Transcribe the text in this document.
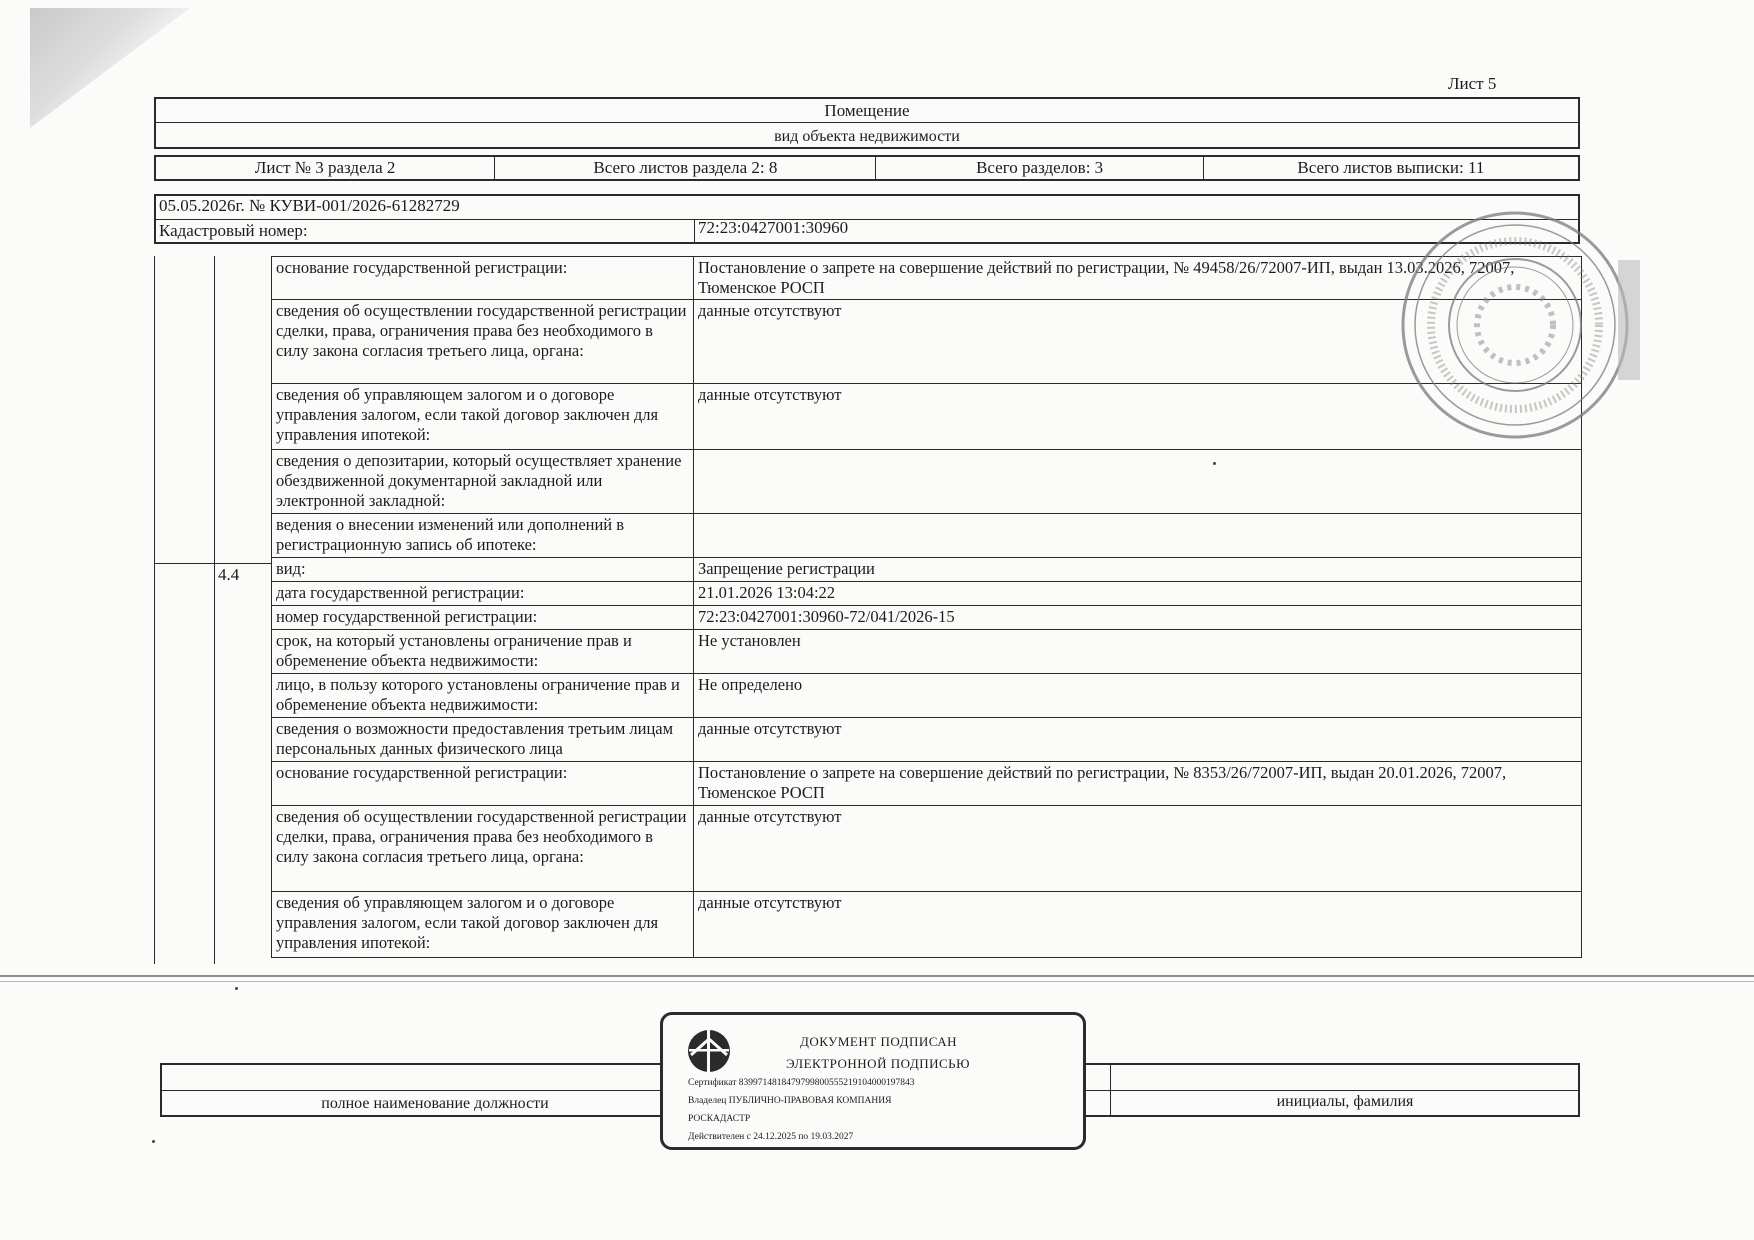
Лист 5
Помещение
вид объекта недвижимости
Лист № 3 раздела 2	Всего листов раздела 2: 8	Всего разделов: 3	Всего листов выписки: 11
05.05.2026г. № КУВИ-001/2026-61282729
Кадастровый номер:	72:23:0427001:30960
4.4
основание государственной регистрации:	Постановление о запрете на совершение действий по регистрации, № 49458/26/72007-ИП, выдан 13.03.2026, 72007, Тюменское РОСП
сведения об осуществлении государственной регистрации сделки, права, ограничения права без необходимого в силу закона согласия третьего лица, органа:	данные отсутствуют
сведения об управляющем залогом и о договоре управления залогом, если такой договор заключен для управления ипотекой:	данные отсутствуют
сведения о депозитарии, который осуществляет хранение обездвиженной документарной закладной или электронной закладной:	
ведения о внесении изменений или дополнений в регистрационную запись об ипотеке:	
вид:	Запрещение регистрации
дата государственной регистрации:	21.01.2026 13:04:22
номер государственной регистрации:	72:23:0427001:30960-72/041/2026-15
срок, на который установлены ограничение прав и обременение объекта недвижимости:	Не установлен
лицо, в пользу которого установлены ограничение прав и обременение объекта недвижимости:	Не определено
сведения о возможности предоставления третьим лицам персональных данных физического лица	данные отсутствуют
основание государственной регистрации:	Постановление о запрете на совершение действий по регистрации, № 8353/26/72007-ИП, выдан 20.01.2026, 72007, Тюменское РОСП
сведения об осуществлении государственной регистрации сделки, права, ограничения права без необходимого в силу закона согласия третьего лица, органа:	данные отсутствуют
сведения об управляющем залогом и о договоре управления залогом, если такой договор заключен для управления ипотекой:	данные отсутствуют
полное наименование должности	инициалы, фамилия
ДОКУМЕНТ ПОДПИСАН
ЭЛЕКТРОННОЙ ПОДПИСЬЮ
Сертификат 8399714818479799800555219104000197843
Владелец ПУБЛИЧНО-ПРАВОВАЯ КОМПАНИЯ
РОСКАДАСТР
Действителен с 24.12.2025 по 19.03.2027
